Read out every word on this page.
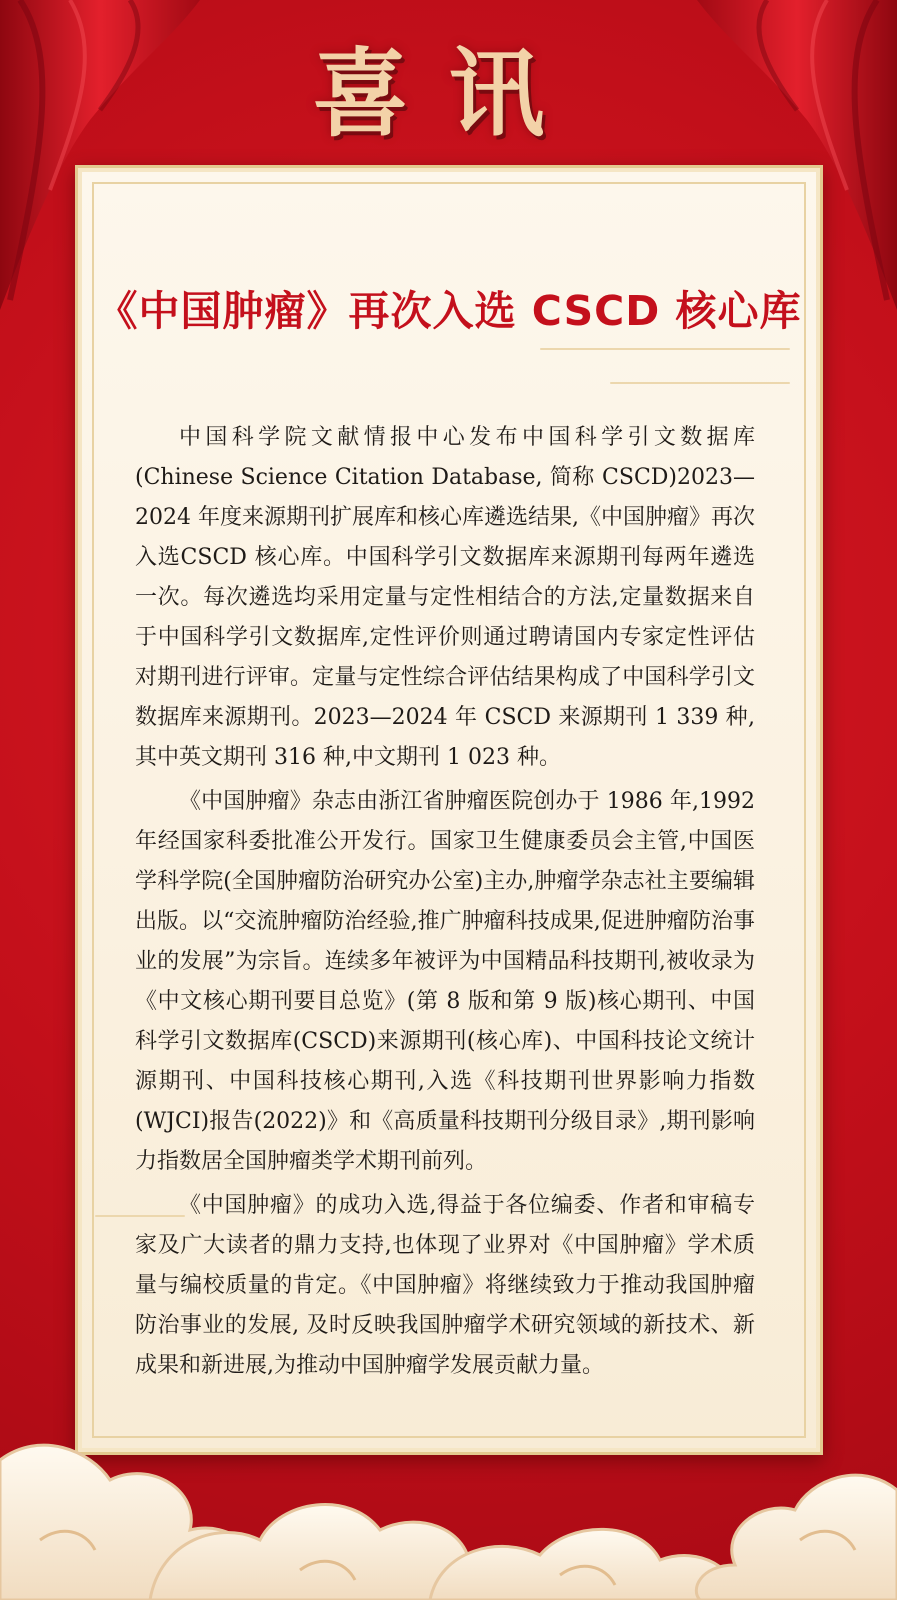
喜讯
《中国肿瘤》再次入选 CSCD 核心库

中国科学院文献情报中心发布中国科学引文数据库(Chinese Science Citation Database, 简称 CSCD)2023—2024 年度来源期刊扩展库和核心库遴选结果,《中国肿瘤》再次入选CSCD 核心库。中国科学引文数据库来源期刊每两年遴选一次。每次遴选均采用定量与定性相结合的方法,定量数据来自于中国科学引文数据库,定性评价则通过聘请国内专家定性评估对期刊进行评审。定量与定性综合评估结果构成了中国科学引文数据库来源期刊。2023—2024 年 CSCD 来源期刊 1 339 种,其中英文期刊 316 种,中文期刊 1 023 种。

《中国肿瘤》杂志由浙江省肿瘤医院创办于 1986 年,1992 年经国家科委批准公开发行。国家卫生健康委员会主管,中国医学科学院(全国肿瘤防治研究办公室)主办,肿瘤学杂志社主要编辑出版。以“交流肿瘤防治经验,推广肿瘤科技成果,促进肿瘤防治事业的发展”为宗旨。连续多年被评为中国精品科技期刊,被收录为《中文核心期刊要目总览》(第 8 版和第 9 版)核心期刊、中国科学引文数据库(CSCD)来源期刊(核心库)、中国科技论文统计源期刊、中国科技核心期刊,入选《科技期刊世界影响力指数(WJCI)报告(2022)》和《高质量科技期刊分级目录》,期刊影响力指数居全国肿瘤类学术期刊前列。

《中国肿瘤》的成功入选,得益于各位编委、作者和审稿专家及广大读者的鼎力支持,也体现了业界对《中国肿瘤》学术质量与编校质量的肯定。《中国肿瘤》将继续致力于推动我国肿瘤防治事业的发展, 及时反映我国肿瘤学术研究领域的新技术、新成果和新进展,为推动中国肿瘤学发展贡献力量。
